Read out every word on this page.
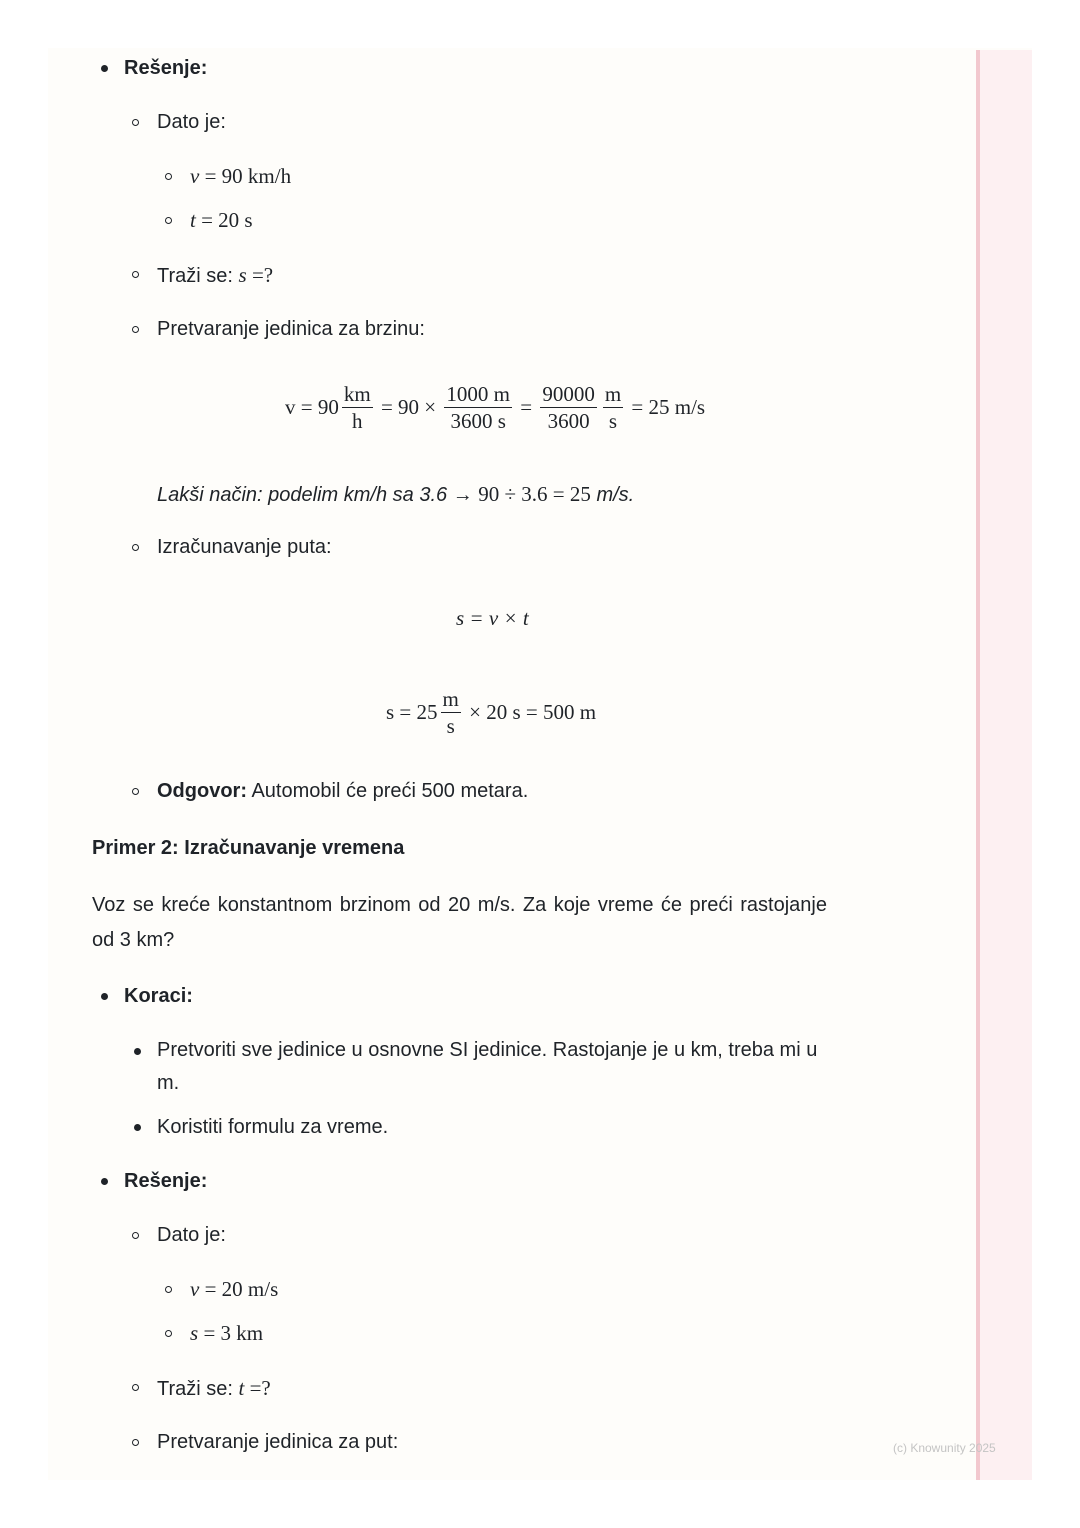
Rešenje:
Dato je:
v = 90 km/h
t = 20 s
Traži se: s =?
Pretvaranje jedinica za brzinu:
$v = 90 \frac{km}{h} = 90 \times \frac{1000 m}{3600 s} = \frac{90000}{3600} \frac{m}{s} = 25$ m/s
Lakši način: podelim km/h sa 3.6 → 90 ÷ 3.6 = 25 m/s.
Izračunavanje puta:
s = v × t
$s = 25 \frac{m}{s} \times 20$ s = 500 m
Odgovor: Automobil će preći 500 metara.
Primer 2: Izračunavanje vremena
Voz se kreće konstantnom brzinom od 20 m/s. Za koje vreme će preći rastojanje od 3 km?
Koraci:
Pretvoriti sve jedinice u osnovne SI jedinice. Rastojanje je u km, treba mi u m.
Koristiti formulu za vreme.
Rešenje:
Dato je:
v = 20 m/s
s = 3 km
Traži se: t =?
Pretvaranje jedinica za put:	(c) Knowunity 2025
